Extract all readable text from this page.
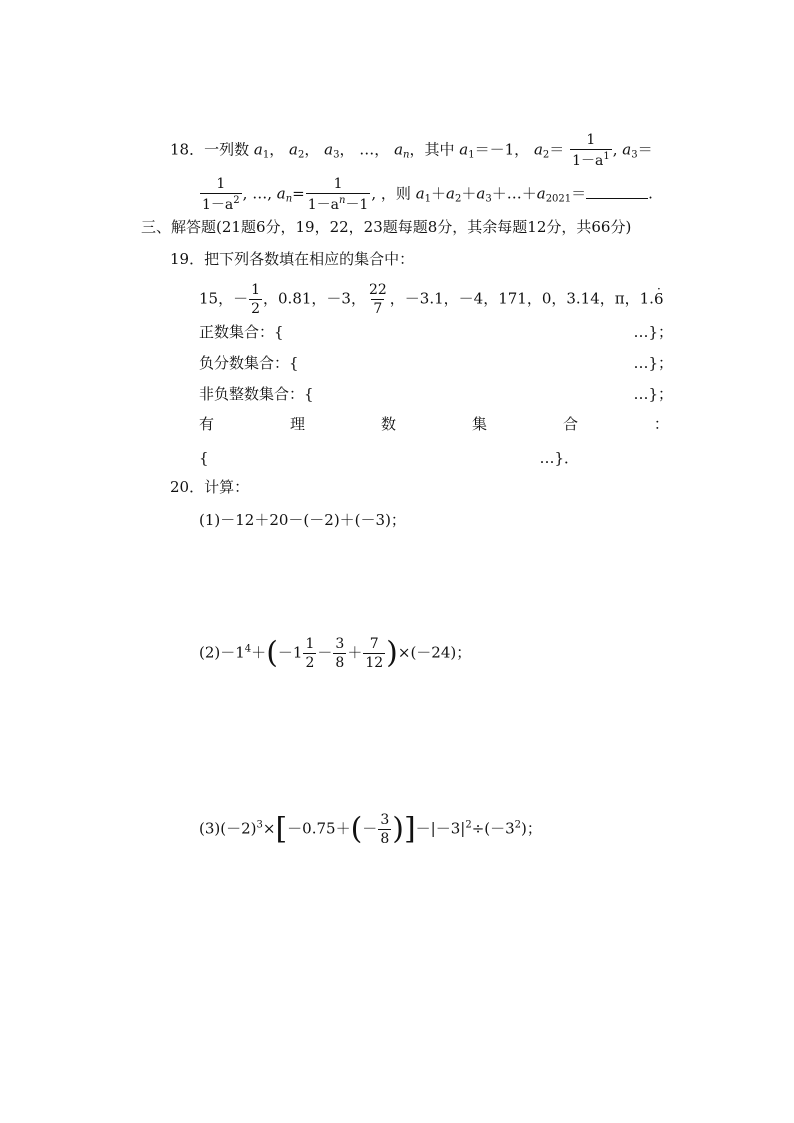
18．一列数 $a_1$， $a_2$， $a_3$， …， $a_n$，其中 $a_1=-1$， $a_2= \frac{1}{1-a^1}$ , $a_3=$
$\frac{1}{1-a^2}$ , …, $a_n= \frac{1}{1-a^n-1}$ , ，则 $a_1+a_2+a_3+\dots+a_{2021}=$	.
三、解答题(21题6分，19，22，23题每题8分，其余每题12分，共66分)
19．把下列各数填在相应的集合中：
15，－ $\frac{1}{2}$ ，0.81，－3， $\frac{22}{7}$ ，－3.1，－4，171，0，3.14，π，1.6 ·
正数集合：{	…}；
负分数集合：{	…}；
非负整数集合：{	…}；
有	理	数	集	合	：
{	…}．
20．计算：
(1)－12＋20－(－2)＋(－3)；
$(2)-1^4+(-1 \frac{1}{2} - \frac{3}{8} + \frac{7}{12} )\times(-24)$；
$(3)(-2)^3\times[-0.75+(- \frac{3}{8} )]-|-3|^2\div(-3^2)$；
